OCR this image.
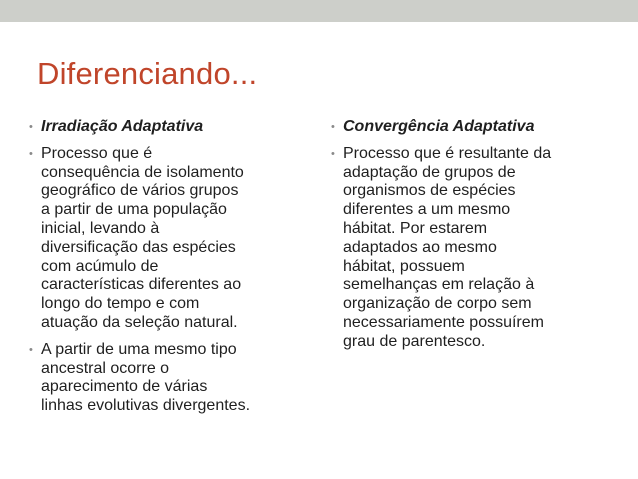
Diferenciando...
• Irradiação Adaptativa
• Processo que é
consequência de isolamento
geográfico de vários grupos
a partir de uma população
inicial, levando à
diversificação das espécies
com acúmulo de
características diferentes ao
longo do tempo e com
atuação da seleção natural.
• A partir de uma mesmo tipo
ancestral ocorre o
aparecimento de várias
linhas evolutivas divergentes.
• Convergência Adaptativa
• Processo que é resultante da
adaptação de grupos de
organismos de espécies
diferentes a um mesmo
hábitat. Por estarem
adaptados ao mesmo
hábitat, possuem
semelhanças em relação à
organização de corpo sem
necessariamente possuírem
grau de parentesco.
